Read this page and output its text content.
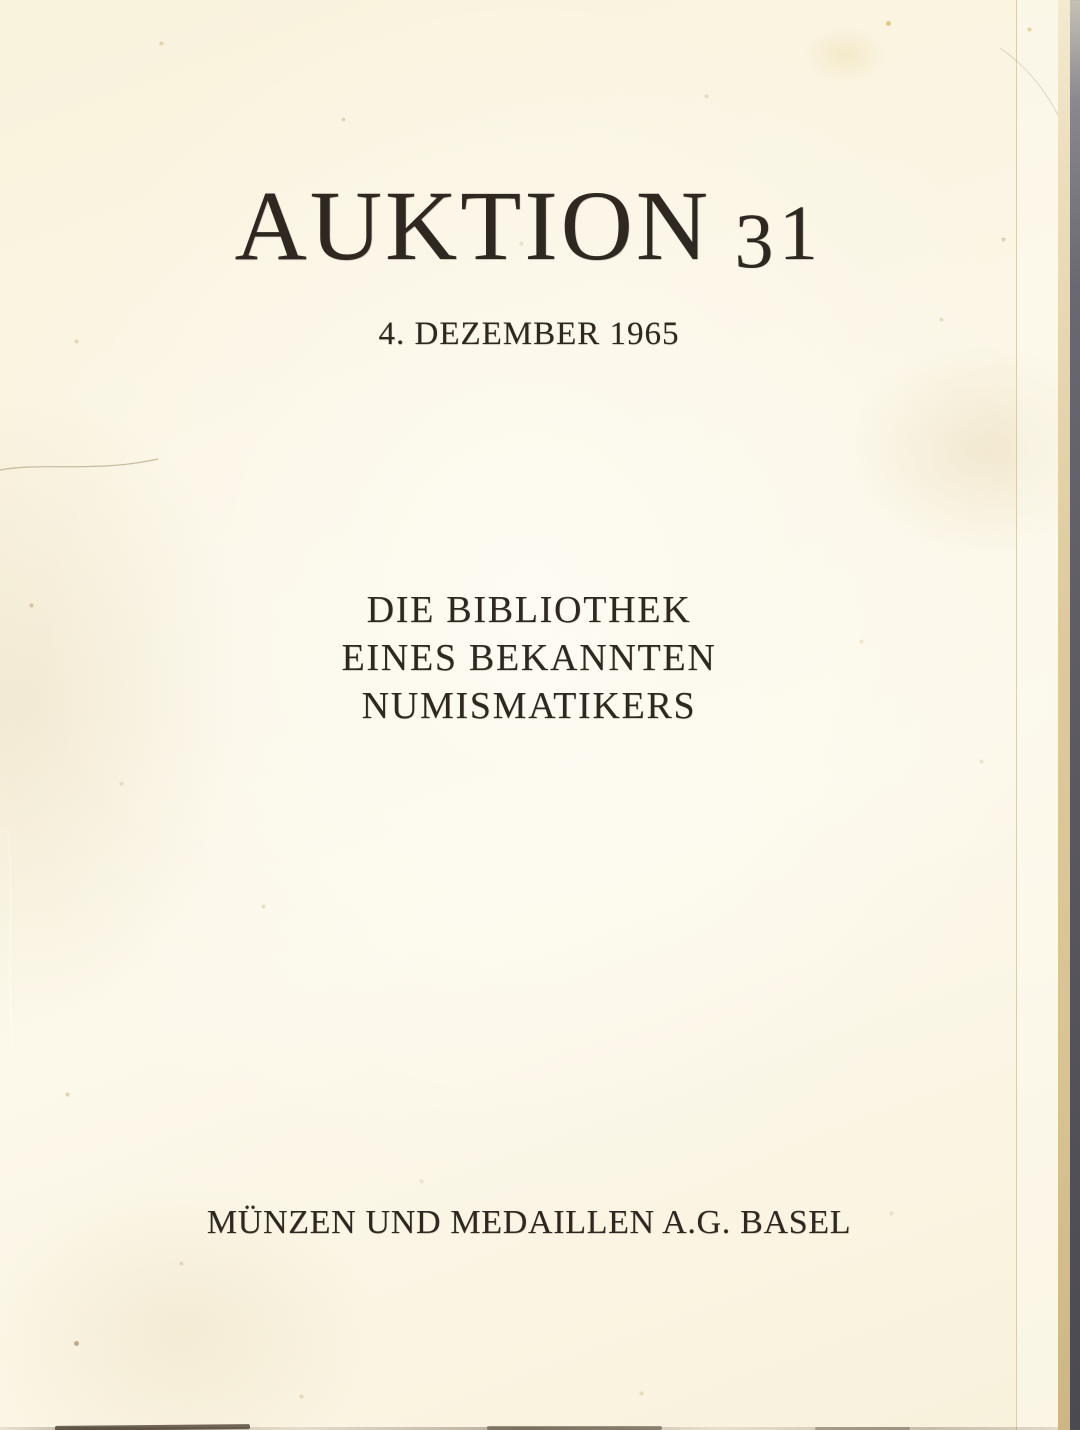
AUKTION 31
4. DEZEMBER 1965
DIE BIBLIOTHEK
EINES BEKANNTEN
NUMISMATIKERS
MÜNZEN UND MEDAILLEN A.G. BASEL
